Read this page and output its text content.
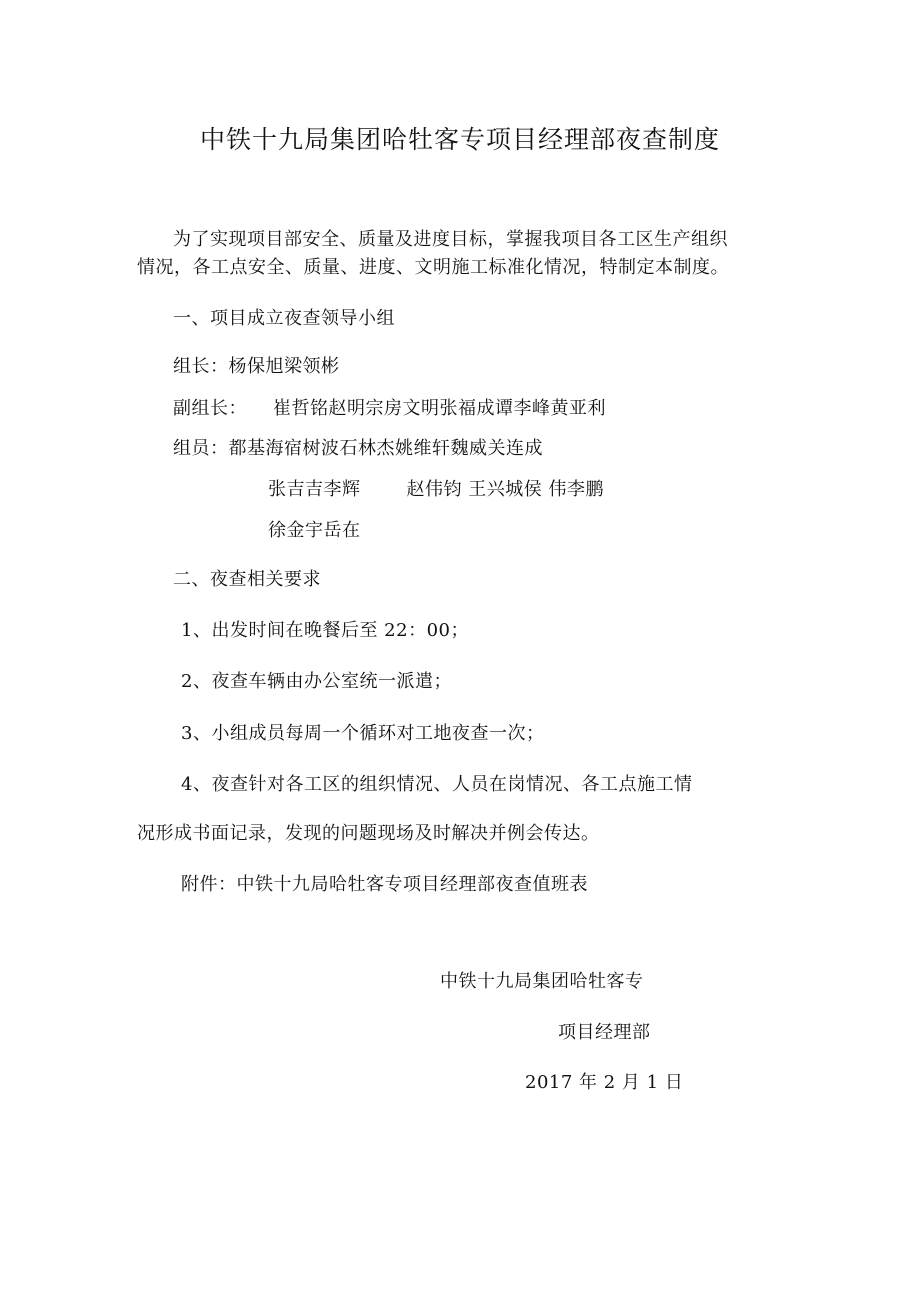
中铁十九局集团哈牡客专项目经理部夜查制度
为了实现项目部安全、质量及进度目标，掌握我项目各工区生产组织
情况，各工点安全、质量、进度、文明施工标准化情况，特制定本制度。
一、项目成立夜查领导小组
组长：杨保旭梁领彬
副组长： 崔哲铭赵明宗房文明张福成谭李峰黄亚利
组员：都基海宿树波石林杰姚维轩魏威关连成
张吉吉李辉	赵伟钧 王兴城侯 伟李鹏
徐金宇岳在
二、夜查相关要求
1、出发时间在晚餐后至 22：00；
2、夜查车辆由办公室统一派遣；
3、小组成员每周一个循环对工地夜查一次；
4、夜查针对各工区的组织情况、人员在岗情况、各工点施工情
况形成书面记录，发现的问题现场及时解决并例会传达。
附件：中铁十九局哈牡客专项目经理部夜查值班表
中铁十九局集团哈牡客专
项目经理部
2017 年 2 月 1 日
